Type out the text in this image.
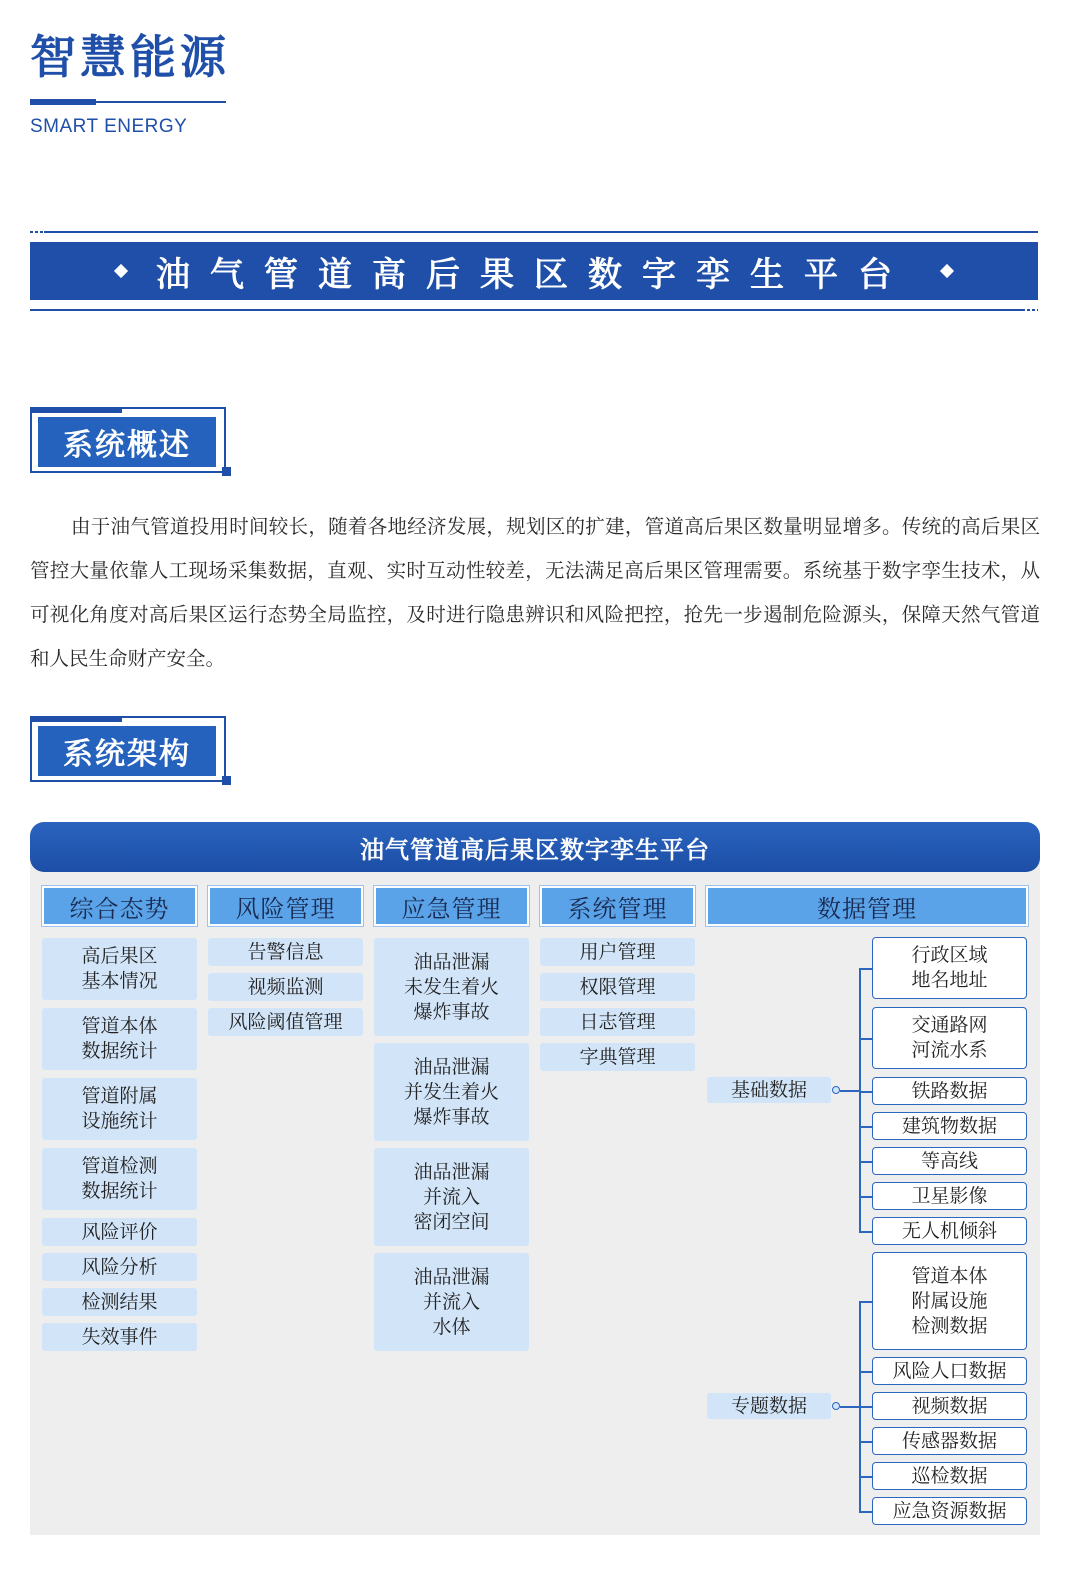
智慧能源
SMART ENERGY
油气管道高后果区数字孪生平台
系统概述

由于油气管道投用时间较长，随着各地经济发展，规划区的扩建，管道高后果区数量明显增多。传统的高后果区管控大量依靠人工现场采集数据，直观、实时互动性较差，无法满足高后果区管理需要。系统基于数字孪生技术，从可视化角度对高后果区运行态势全局监控，及时进行隐患辨识和风险把控，抢先一步遏制危险源头，保障天然气管道和人民生命财产安全。

系统架构
油气管道高后果区数字孪生平台
综合态势	风险管理	应急管理	系统管理	数据管理
高后果区
基本情况
管道本体
数据统计
管道附属
设施统计
管道检测
数据统计
风险评价
风险分析
检测结果
失效事件
告警信息
视频监测
风险阈值管理
油品泄漏
未发生着火
爆炸事故
油品泄漏
并发生着火
爆炸事故
油品泄漏
并流入
密闭空间
油品泄漏
并流入
水体
用户管理
权限管理
日志管理
字典管理
基础数据
行政区域
地名地址
交通路网
河流水系
铁路数据
建筑物数据
等高线
卫星影像
无人机倾斜
专题数据
管道本体
附属设施
检测数据
风险人口数据
视频数据
传感器数据
巡检数据
应急资源数据
